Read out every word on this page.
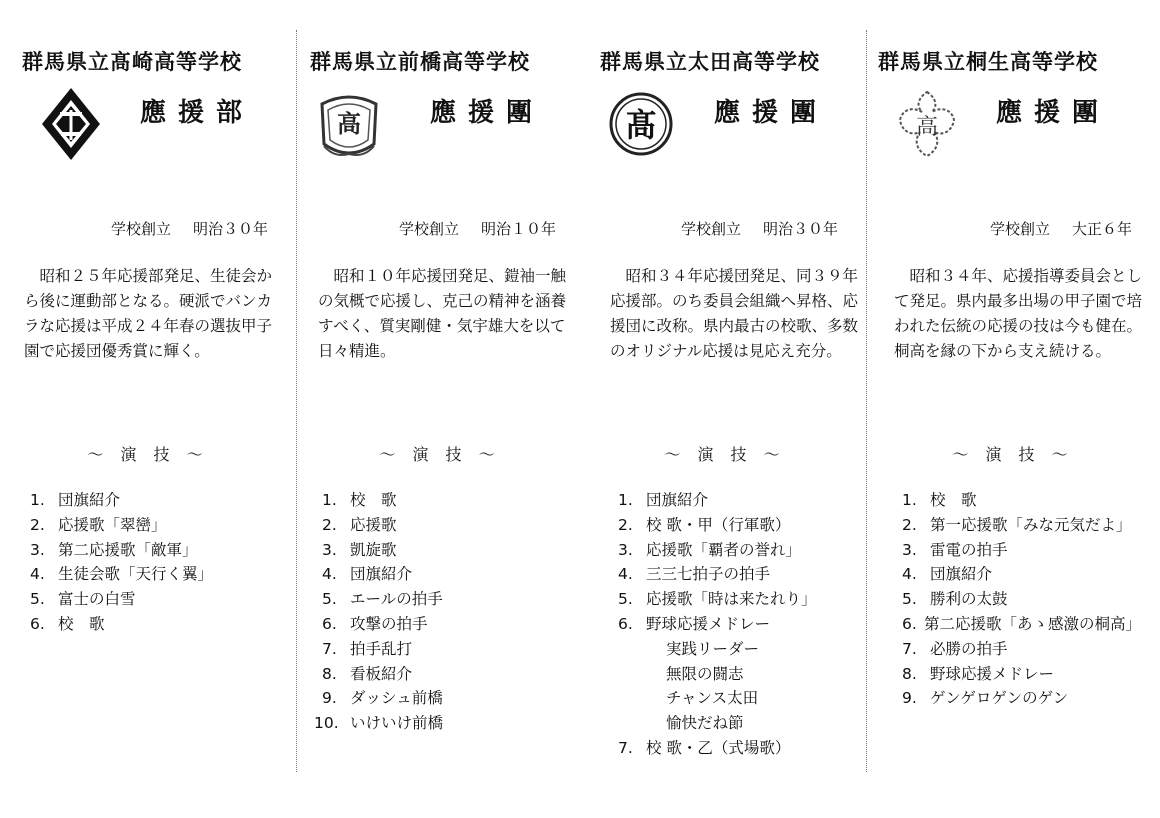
群馬県立髙崎高等学校
應援部
学校創立 明治３０年

昭和２５年応援部発足、生徒会から後に運動部となる。硬派でバンカラな応援は平成２４年春の選抜甲子園で応援団優秀賞に輝く。

～ 演 技 ～
1. 団旗紹介
2. 応援歌「翠巒」
3. 第二応援歌「敵軍」
4. 生徒会歌「天行く翼」
5. 富士の白雪
6. 校　歌
群馬県立前橋高等学校
高	應援團
学校創立 明治１０年

昭和１０年応援団発足、鎧袖一触の気概で応援し、克己の精神を涵養すべく、質実剛健・気宇雄大を以て日々精進。

～ 演 技 ～
1. 校　歌
2. 応援歌
3. 凱旋歌
4. 団旗紹介
5. エールの拍手
6. 攻撃の拍手
7. 拍手乱打
8. 看板紹介
9. ダッシュ前橋
10. いけいけ前橋
群馬県立太田高等学校
髙 應援團
学校創立 明治３０年

昭和３４年応援団発足、同３９年応援部。のち委員会組織へ昇格、応援団に改称。県内最古の校歌、多数のオリジナル応援は見応え充分。

～ 演 技 ～
1. 団旗紹介
2. 校 歌・甲（行軍歌）
3. 応援歌「覇者の誉れ」
4. 三三七拍子の拍手
5. 応援歌「時は来たれり」
6. 野球応援メドレー
実践リーダー
無限の闘志
チャンス太田
愉快だね節
7. 校 歌・乙（式場歌）
群馬県立桐生高等学校
高 應援團
学校創立 大正６年

昭和３４年、応援指導委員会として発足。県内最多出場の甲子園で培われた伝統の応援の技は今も健在。桐高を縁の下から支え続ける。

～ 演 技 ～
1. 校　歌
2. 第一応援歌「みな元気だよ」
3. 雷電の拍手
4. 団旗紹介
5. 勝利の太鼓
6. 第二応援歌「あゝ感激の桐高」
7. 必勝の拍手
8. 野球応援メドレー
9. ゲンゲロゲンのゲン
